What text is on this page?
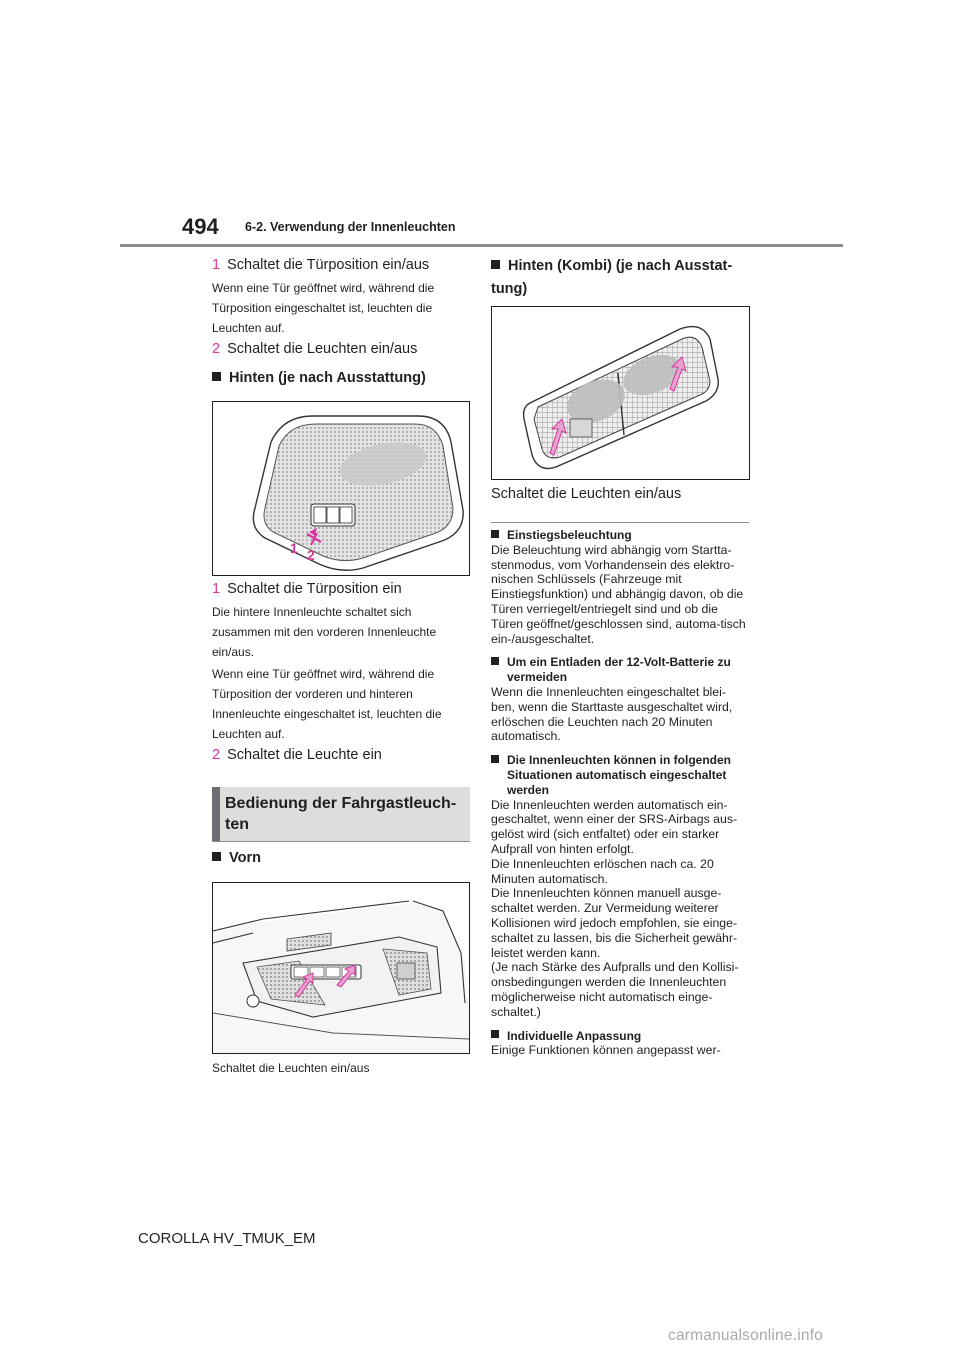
494 6-2. Verwendung der Innenleuchten
1 Schaltet die Türposition ein/aus
Wenn eine Tür geöffnet wird, während die Türposition eingeschaltet ist, leuchten die Leuchten auf.
2 Schaltet die Leuchten ein/aus
Hinten (je nach Ausstattung)
1 2
1 Schaltet die Türposition ein
Die hintere Innenleuchte schaltet sich zusammen mit den vorderen Innenleuchte ein/aus.
Wenn eine Tür geöffnet wird, während die Türposition der vorderen und hinteren Innenleuchte eingeschaltet ist, leuchten die Leuchten auf.
2 Schaltet die Leuchte ein
Bedienung der Fahrgastleuch-ten
Vorn
Schaltet die Leuchten ein/aus
Hinten (Kombi) (je nach Ausstat-tung)
Schaltet die Leuchten ein/aus
Einstiegsbeleuchtung
Die Beleuchtung wird abhängig vom Startta-stenmodus, vom Vorhandensein des elektro-nischen Schlüssels (Fahrzeuge mit Einstiegsfunktion) und abhängig davon, ob die Türen verriegelt/entriegelt sind und ob die Türen geöffnet/geschlossen sind, automa-tisch ein-/ausgeschaltet.
Um ein Entladen der 12-Volt-Batterie zu vermeiden
Wenn die Innenleuchten eingeschaltet blei-ben, wenn die Starttaste ausgeschaltet wird, erlöschen die Leuchten nach 20 Minuten automatisch.
Die Innenleuchten können in folgenden Situationen automatisch eingeschaltet werden
Die Innenleuchten werden automatisch ein-geschaltet, wenn einer der SRS-Airbags aus-gelöst wird (sich entfaltet) oder ein starker Aufprall von hinten erfolgt.
Die Innenleuchten erlöschen nach ca. 20 Minuten automatisch.
Die Innenleuchten können manuell ausge-schaltet werden. Zur Vermeidung weiterer Kollisionen wird jedoch empfohlen, sie einge-schaltet zu lassen, bis die Sicherheit gewähr-leistet werden kann.
(Je nach Stärke des Aufpralls und den Kollisi-onsbedingungen werden die Innenleuchten möglicherweise nicht automatisch einge-schaltet.)
Individuelle Anpassung
Einige Funktionen können angepasst wer-
COROLLA HV_TMUK_EM
carmanualsonline.info
